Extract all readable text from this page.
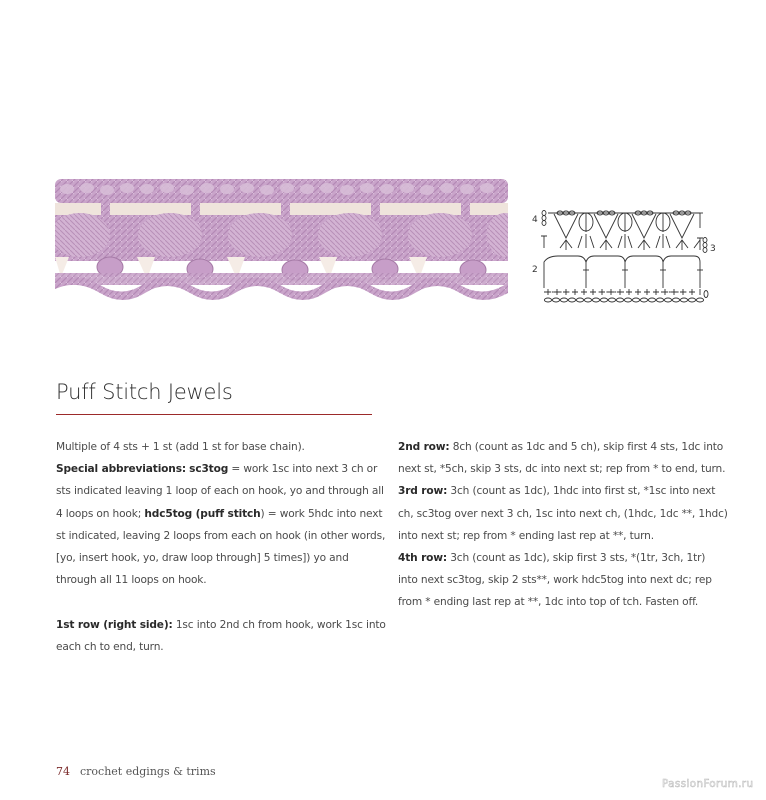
4
3
2
Puff Stitch Jewels

Multiple of 4 sts + 1 st (add 1 st for base chain).

Special abbreviations: sc3tog = work 1sc into next 3 ch or sts indicated leaving 1 loop of each on hook, yo and through all 4 loops on hook; hdc5tog (puff stitch) = work 5hdc into next st indicated, leaving 2 loops from each on hook (in other words, [yo, insert hook, yo, draw loop through] 5 times]) yo and through all 11 loops on hook.

1st row (right side): 1sc into 2nd ch from hook, work 1sc into each ch to end, turn.

2nd row: 8ch (count as 1dc and 5 ch), skip first 4 sts, 1dc into next st, *5ch, skip 3 sts, dc into next st; rep from * to end, turn.

3rd row: 3ch (count as 1dc), 1hdc into first st, *1sc into next ch, sc3tog over next 3 ch, 1sc into next ch, (1hdc, 1dc **, 1hdc) into next st; rep from * ending last rep at **, turn.

4th row: 3ch (count as 1dc), skip first 3 sts, *(1tr, 3ch, 1tr) into next sc3tog, skip 2 sts**, work hdc5tog into next dc; rep from * ending last rep at **, 1dc into top of tch. Fasten off.

74 crochet edgings & trims
PassionForum.ru
